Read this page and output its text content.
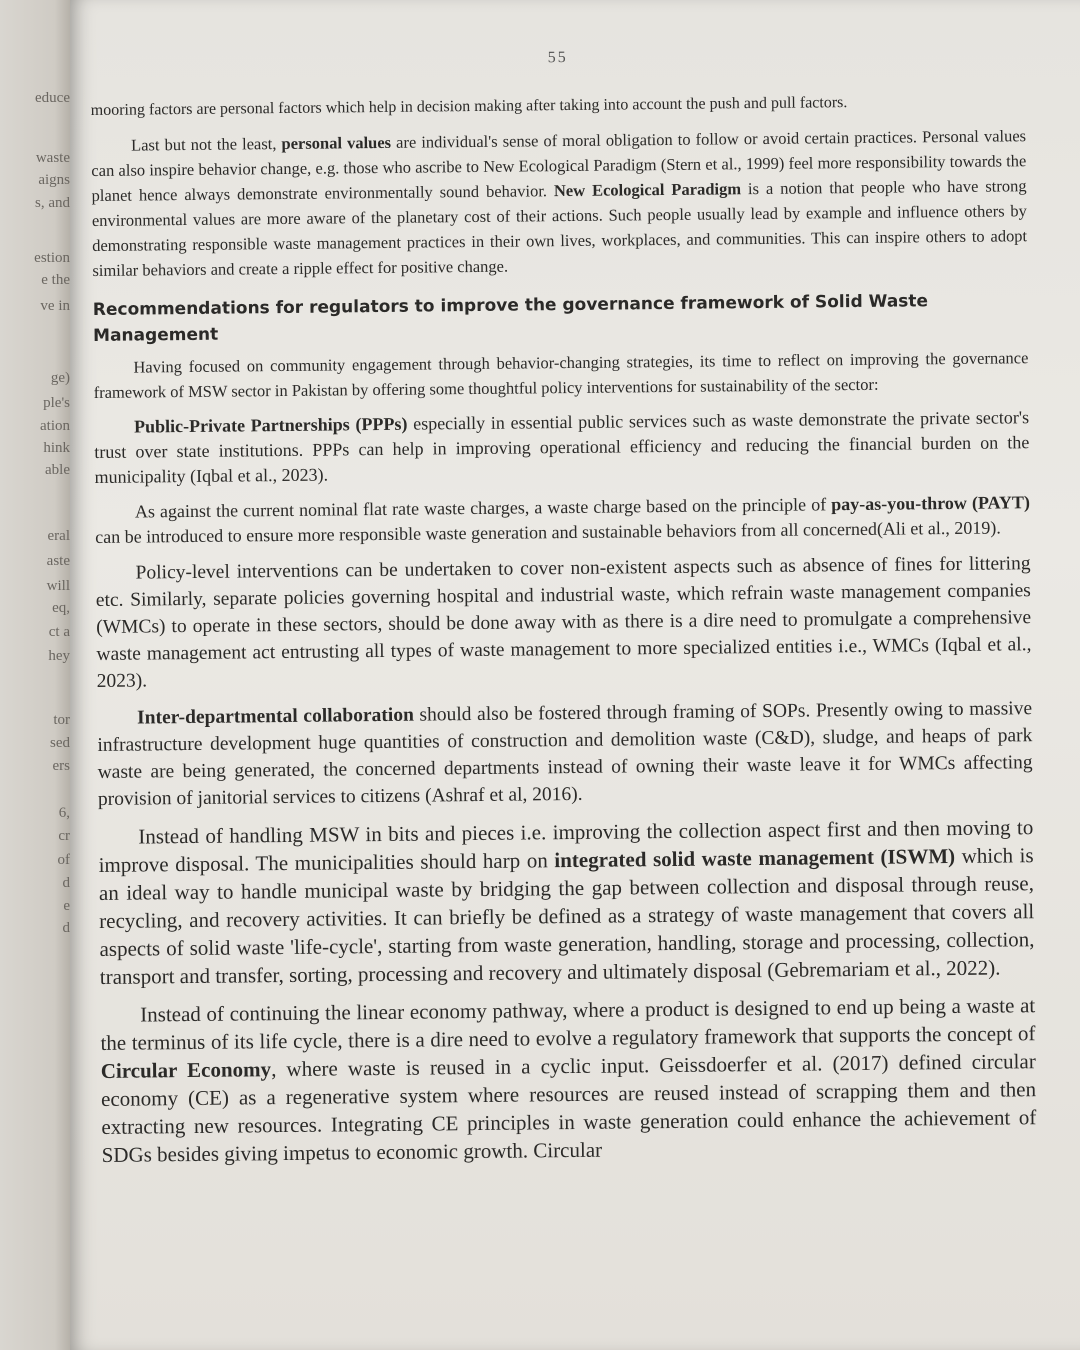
educe
waste
aigns
s, and
estion
e the
ve in
ge)
ple's
ation
hink
able
eral
aste
will
eq,
ct a
hey
tor
sed
ers
6,
cr
of
d
e
d
55

mooring factors are personal factors which help in decision making after taking into account the push and pull factors.

Last but not the least, personal values are individual's sense of moral obligation to follow or avoid certain practices. Personal values can also inspire behavior change, e.g. those who ascribe to New Ecological Paradigm (Stern et al., 1999) feel more responsibility towards the planet hence always demonstrate environmentally sound behavior. New Ecological Paradigm is a notion that people who have strong environmental values are more aware of the planetary cost of their actions. Such people usually lead by example and influence others by demonstrating responsible waste management practices in their own lives, workplaces, and communities. This can inspire others to adopt similar behaviors and create a ripple effect for positive change.

Recommendations for regulators to improve the governance framework of Solid Waste Management

Having focused on community engagement through behavior-changing strategies, its time to reflect on improving the governance framework of MSW sector in Pakistan by offering some thoughtful policy interventions for sustainability of the sector:

Public-Private Partnerships (PPPs) especially in essential public services such as waste demonstrate the private sector's trust over state institutions. PPPs can help in improving operational efficiency and reducing the financial burden on the municipality (Iqbal et al., 2023).

As against the current nominal flat rate waste charges, a waste charge based on the principle of pay-as-you-throw (PAYT) can be introduced to ensure more responsible waste generation and sustainable behaviors from all concerned(Ali et al., 2019).

Policy-level interventions can be undertaken to cover non-existent aspects such as absence of fines for littering etc. Similarly, separate policies governing hospital and industrial waste, which refrain waste management companies (WMCs) to operate in these sectors, should be done away with as there is a dire need to promulgate a comprehensive waste management act entrusting all types of waste management to more specialized entities i.e., WMCs (Iqbal et al., 2023).

Inter-departmental collaboration should also be fostered through framing of SOPs. Presently owing to massive infrastructure development huge quantities of construction and demolition waste (C&D), sludge, and heaps of park waste are being generated, the concerned departments instead of owning their waste leave it for WMCs affecting provision of janitorial services to citizens (Ashraf et al, 2016).

Instead of handling MSW in bits and pieces i.e. improving the collection aspect first and then moving to improve disposal. The municipalities should harp on integrated solid waste management (ISWM) which is an ideal way to handle municipal waste by bridging the gap between collection and disposal through reuse, recycling, and recovery activities. It can briefly be defined as a strategy of waste management that covers all aspects of solid waste 'life-cycle', starting from waste generation, handling, storage and processing, collection, transport and transfer, sorting, processing and recovery and ultimately disposal (Gebremariam et al., 2022).

Instead of continuing the linear economy pathway, where a product is designed to end up being a waste at the terminus of its life cycle, there is a dire need to evolve a regulatory framework that supports the concept of Circular Economy, where waste is reused in a cyclic input. Geissdoerfer et al. (2017) defined circular economy (CE) as a regenerative system where resources are reused instead of scrapping them and then extracting new resources. Integrating CE principles in waste generation could enhance the achievement of SDGs besides giving impetus to economic growth. Circular
